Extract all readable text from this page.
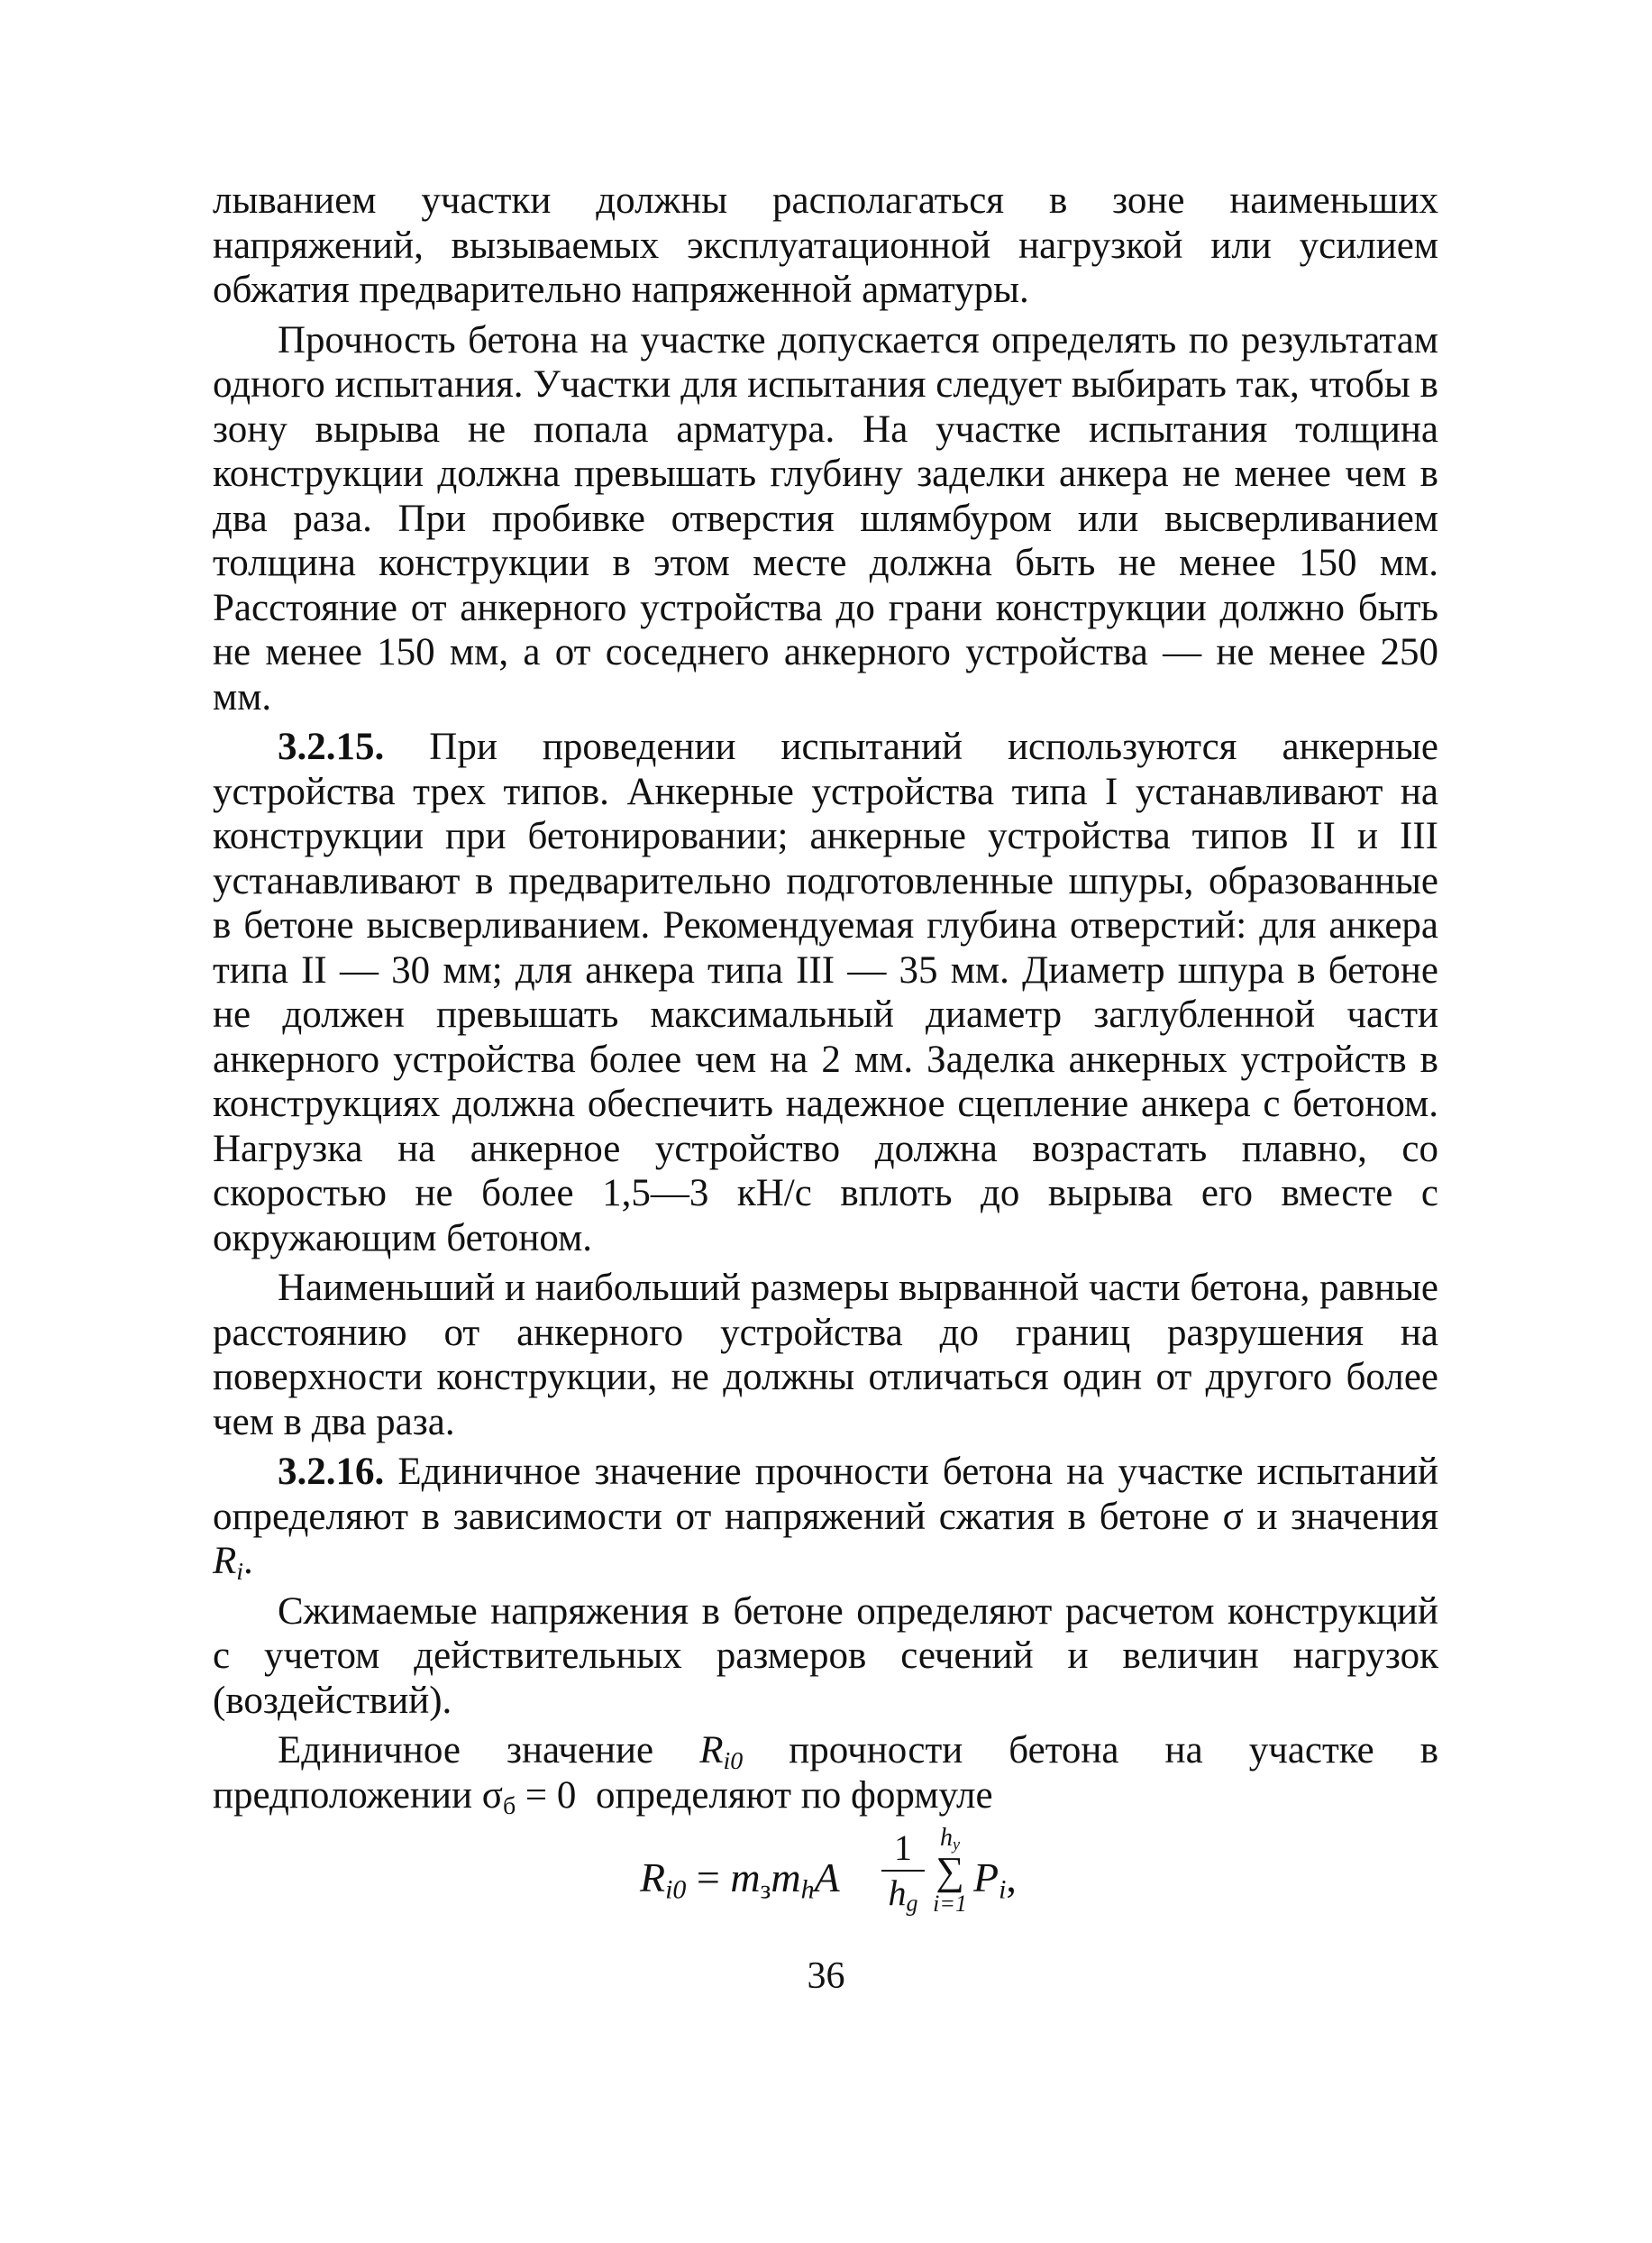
лыванием участки должны располагаться в зоне наименьших напряжений, вызываемых эксплуатационной нагрузкой или усилием обжатия предварительно напряженной арматуры.

Прочность бетона на участке допускается определять по результатам одного испытания. Участки для испытания следует выбирать так, чтобы в зону вырыва не попала арматура. На участке испытания толщина конструкции должна превышать глубину заделки анкера не менее чем в два раза. При пробивке отверстия шлямбуром или высверливанием толщина конструкции в этом месте должна быть не менее 150 мм. Расстояние от анкерного устройства до грани конструкции должно быть не менее 150 мм, а от соседнего анкерного устройства — не менее 250 мм.

3.2.15. При проведении испытаний используются анкерные устройства трех типов. Анкерные устройства типа I устанавливают на конструкции при бетонировании; анкерные устройства типов II и III устанавливают в предварительно подготовленные шпуры, образованные в бетоне высверливанием. Рекомендуемая глубина отверстий: для анкера типа II — 30 мм; для анкера типа III — 35 мм. Диаметр шпура в бетоне не должен превышать максимальный диаметр заглубленной части анкерного устройства более чем на 2 мм. Заделка анкерных устройств в конструкциях должна обеспечить надежное сцепление анкера с бетоном. Нагрузка на анкерное устройство должна возрастать плавно, со скоростью не более 1,5—3 кН/с вплоть до вырыва его вместе с окружающим бетоном.

Наименьший и наибольший размеры вырванной части бетона, равные расстоянию от анкерного устройства до границ разрушения на поверхности конструкции, не должны отличаться один от другого более чем в два раза.

3.2.16. Единичное значение прочности бетона на участке испытаний определяют в зависимости от напряжений сжатия в бетоне σ и значения $R_i$.

Сжимаемые напряжения в бетоне определяют расчетом конструкций с учетом действительных размеров сечений и величин нагрузок (воздействий).

Единичное значение $R_{i0}$ прочности бетона на участке в предположении $\sigma_б = 0$ определяют по формуле

$R_{i0} = m_зm_hA$
1
$h_g$
$h_y$
∑
i=1
$P_i$,
36
